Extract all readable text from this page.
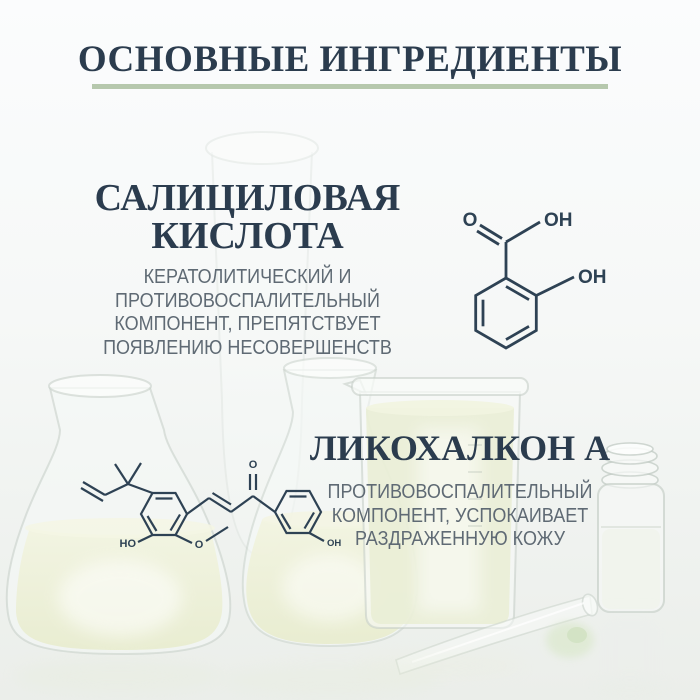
ОСНОВНЫЕ ИНГРЕДИЕНТЫ
САЛИЦИЛОВАЯ
КИСЛОТА
КЕРАТОЛИТИЧЕСКИЙ И
ПРОТИВОВОСПАЛИТЕЛЬНЫЙ
КОМПОНЕНТ, ПРЕПЯТСТВУЕТ
ПОЯВЛЕНИЮ НЕСОВЕРШЕНСТВ
O	OH
OH
ЛИКОХАЛКОН А
ПРОТИВОВОСПАЛИТЕЛЬНЫЙ
КОМПОНЕНТ, УСПОКАИВАЕТ
РАЗДРАЖЕННУЮ КОЖУ
HO	O
O
OH
